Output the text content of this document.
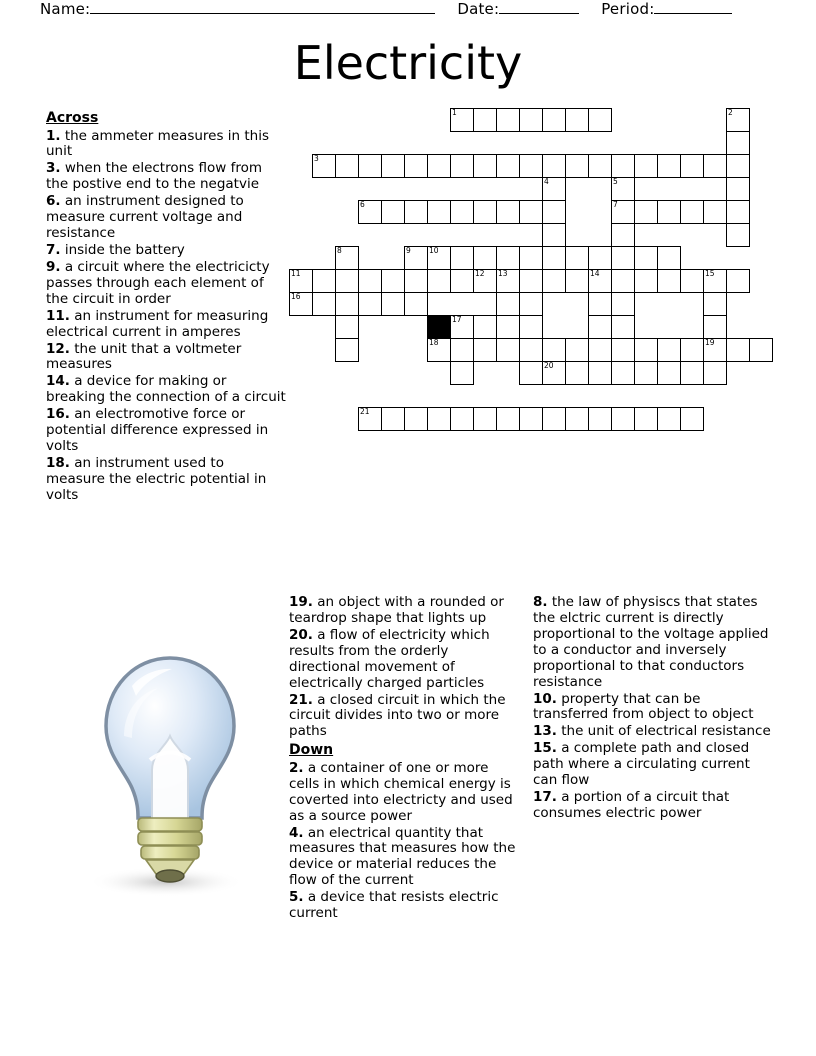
Name:	Date:	Period:
Electricity
Across
1. the ammeter measures in this unit
3. when the electrons flow from the postive end to the negatvie
6. an instrument designed to measure current voltage and resistance
7. inside the battery
9. a circuit where the electricicty passes through each element of the circuit in order
11. an instrument for measuring electrical current in amperes
12. the unit that a voltmeter measures
14. a device for making or breaking the connection of a circuit
16. an electromotive force or potential difference expressed in volts
18. an instrument used to measure the electric potential in volts
1	2
3
4	5
6	7
8	9 10
11	12 13	14	15
16
17
18	19
20
21
19. an object with a rounded or teardrop shape that lights up
20. a flow of electricity which results from the orderly directional movement of electrically charged particles
21. a closed circuit in which the circuit divides into two or more paths
Down
2. a container of one or more cells in which chemical energy is coverted into electricty and used as a source power
4. an electrical quantity that measures that measures how the device or material reduces the flow of the current
5. a device that resists electric current
8. the law of physiscs that states the elctric current is directly proportional to the voltage applied to a conductor and inversely proportional to that conductors resistance
10. property that can be transferred from object to object
13. the unit of electrical resistance
15. a complete path and closed path where a circulating current can flow
17. a portion of a circuit that consumes electric power
